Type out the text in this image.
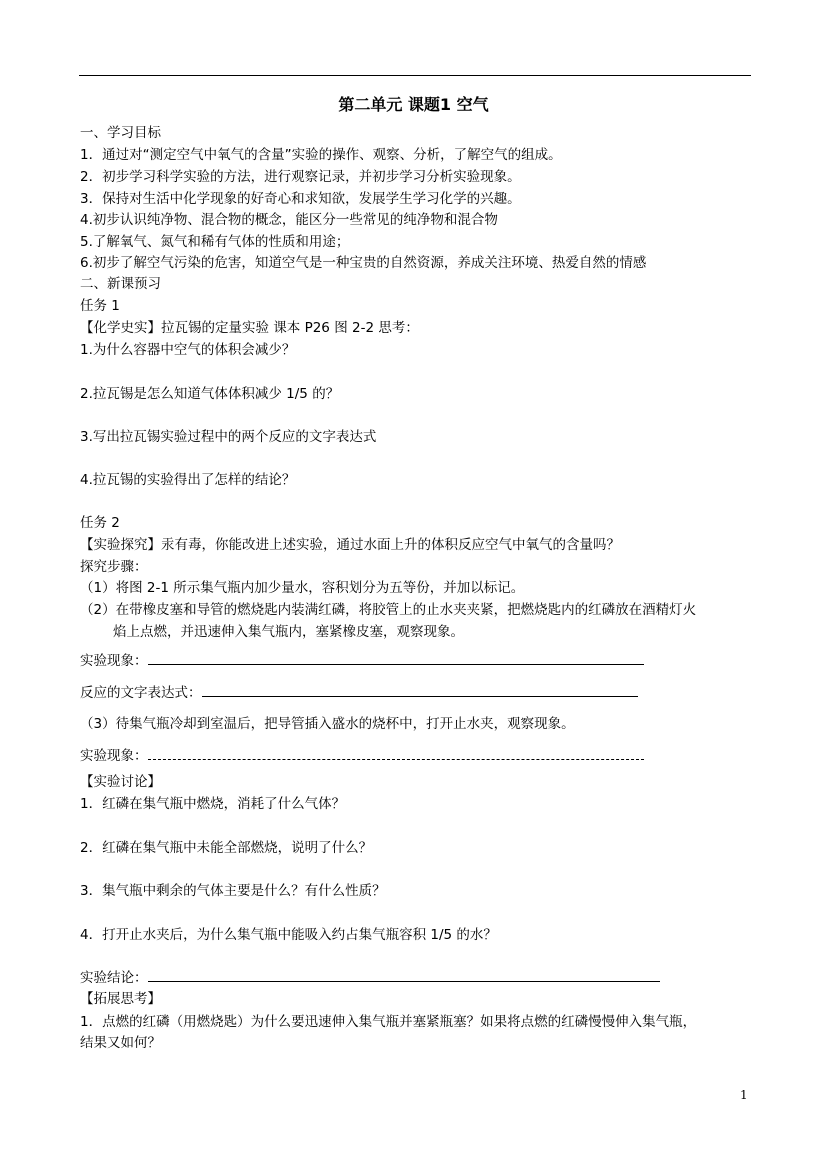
第二单元 课题1 空气
一、学习目标
1．通过对“测定空气中氧气的含量”实验的操作、观察、分析，了解空气的组成。
2．初步学习科学实验的方法，进行观察记录，并初步学习分析实验现象。
3．保持对生活中化学现象的好奇心和求知欲，发展学生学习化学的兴趣。
4.初步认识纯净物、混合物的概念，能区分一些常见的纯净物和混合物
5.了解氧气、氮气和稀有气体的性质和用途；
6.初步了解空气污染的危害，知道空气是一种宝贵的自然资源，养成关注环境、热爱自然的情感
二、新课预习
任务 1
【化学史实】拉瓦锡的定量实验 课本 P26 图 2-2 思考：
1.为什么容器中空气的体积会减少？
2.拉瓦锡是怎么知道气体体积减少 1/5 的？
3.写出拉瓦锡实验过程中的两个反应的文字表达式
4.拉瓦锡的实验得出了怎样的结论？
任务 2
【实验探究】汞有毒，你能改进上述实验，通过水面上升的体积反应空气中氧气的含量吗？
探究步骤：
（1）将图 2-1 所示集气瓶内加少量水，容积划分为五等份，并加以标记。
（2）在带橡皮塞和导管的燃烧匙内装满红磷，将胶管上的止水夹夹紧，把燃烧匙内的红磷放在酒精灯火
焰上点燃，并迅速伸入集气瓶内，塞紧橡皮塞，观察现象。
实验现象：
反应的文字表达式：
（3）待集气瓶冷却到室温后，把导管插入盛水的烧杯中，打开止水夹，观察现象。
实验现象：
【实验讨论】
1．红磷在集气瓶中燃烧，消耗了什么气体？
2．红磷在集气瓶中未能全部燃烧，说明了什么？
3．集气瓶中剩余的气体主要是什么？有什么性质？
4．打开止水夹后，为什么集气瓶中能吸入约占集气瓶容积 1/5 的水？
实验结论：
【拓展思考】
1．点燃的红磷（用燃烧匙）为什么要迅速伸入集气瓶并塞紧瓶塞？如果将点燃的红磷慢慢伸入集气瓶，
结果又如何？
1
